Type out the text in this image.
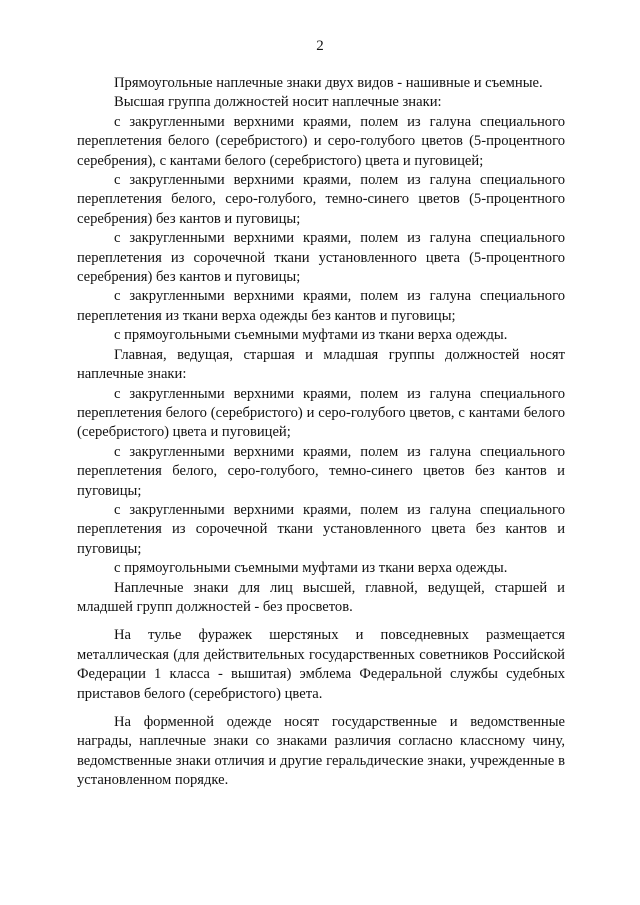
2

Прямоугольные наплечные знаки двух видов - нашивные и съемные.

Высшая группа должностей носит наплечные знаки:

с закругленными верхними краями, полем из галуна специального переплетения белого (серебристого) и серо-голубого цветов (5-процентного серебрения), с кантами белого (серебристого) цвета и пуговицей;

с закругленными верхними краями, полем из галуна специального переплетения белого, серо-голубого, темно-синего цветов (5-процентного серебрения) без кантов и пуговицы;

с закругленными верхними краями, полем из галуна специального переплетения из сорочечной ткани установленного цвета (5-процентного серебрения) без кантов и пуговицы;

с закругленными верхними краями, полем из галуна специального переплетения из ткани верха одежды без кантов и пуговицы;

с прямоугольными съемными муфтами из ткани верха одежды.

Главная, ведущая, старшая и младшая группы должностей носят наплечные знаки:

с закругленными верхними краями, полем из галуна специального переплетения белого (серебристого) и серо-голубого цветов, с кантами белого (серебристого) цвета и пуговицей;

с закругленными верхними краями, полем из галуна специального переплетения белого, серо-голубого, темно-синего цветов без кантов и пуговицы;

с закругленными верхними краями, полем из галуна специального переплетения из сорочечной ткани установленного цвета без кантов и пуговицы;

с прямоугольными съемными муфтами из ткани верха одежды.

Наплечные знаки для лиц высшей, главной, ведущей, старшей и младшей групп должностей - без просветов.

На тулье фуражек шерстяных и повседневных размещается металлическая (для действительных государственных советников Российской Федерации 1 класса - вышитая) эмблема Федеральной службы судебных приставов белого (серебристого) цвета.

На форменной одежде носят государственные и ведомственные награды, наплечные знаки со знаками различия согласно классному чину, ведомственные знаки отличия и другие геральдические знаки, учрежденные в установленном порядке.
